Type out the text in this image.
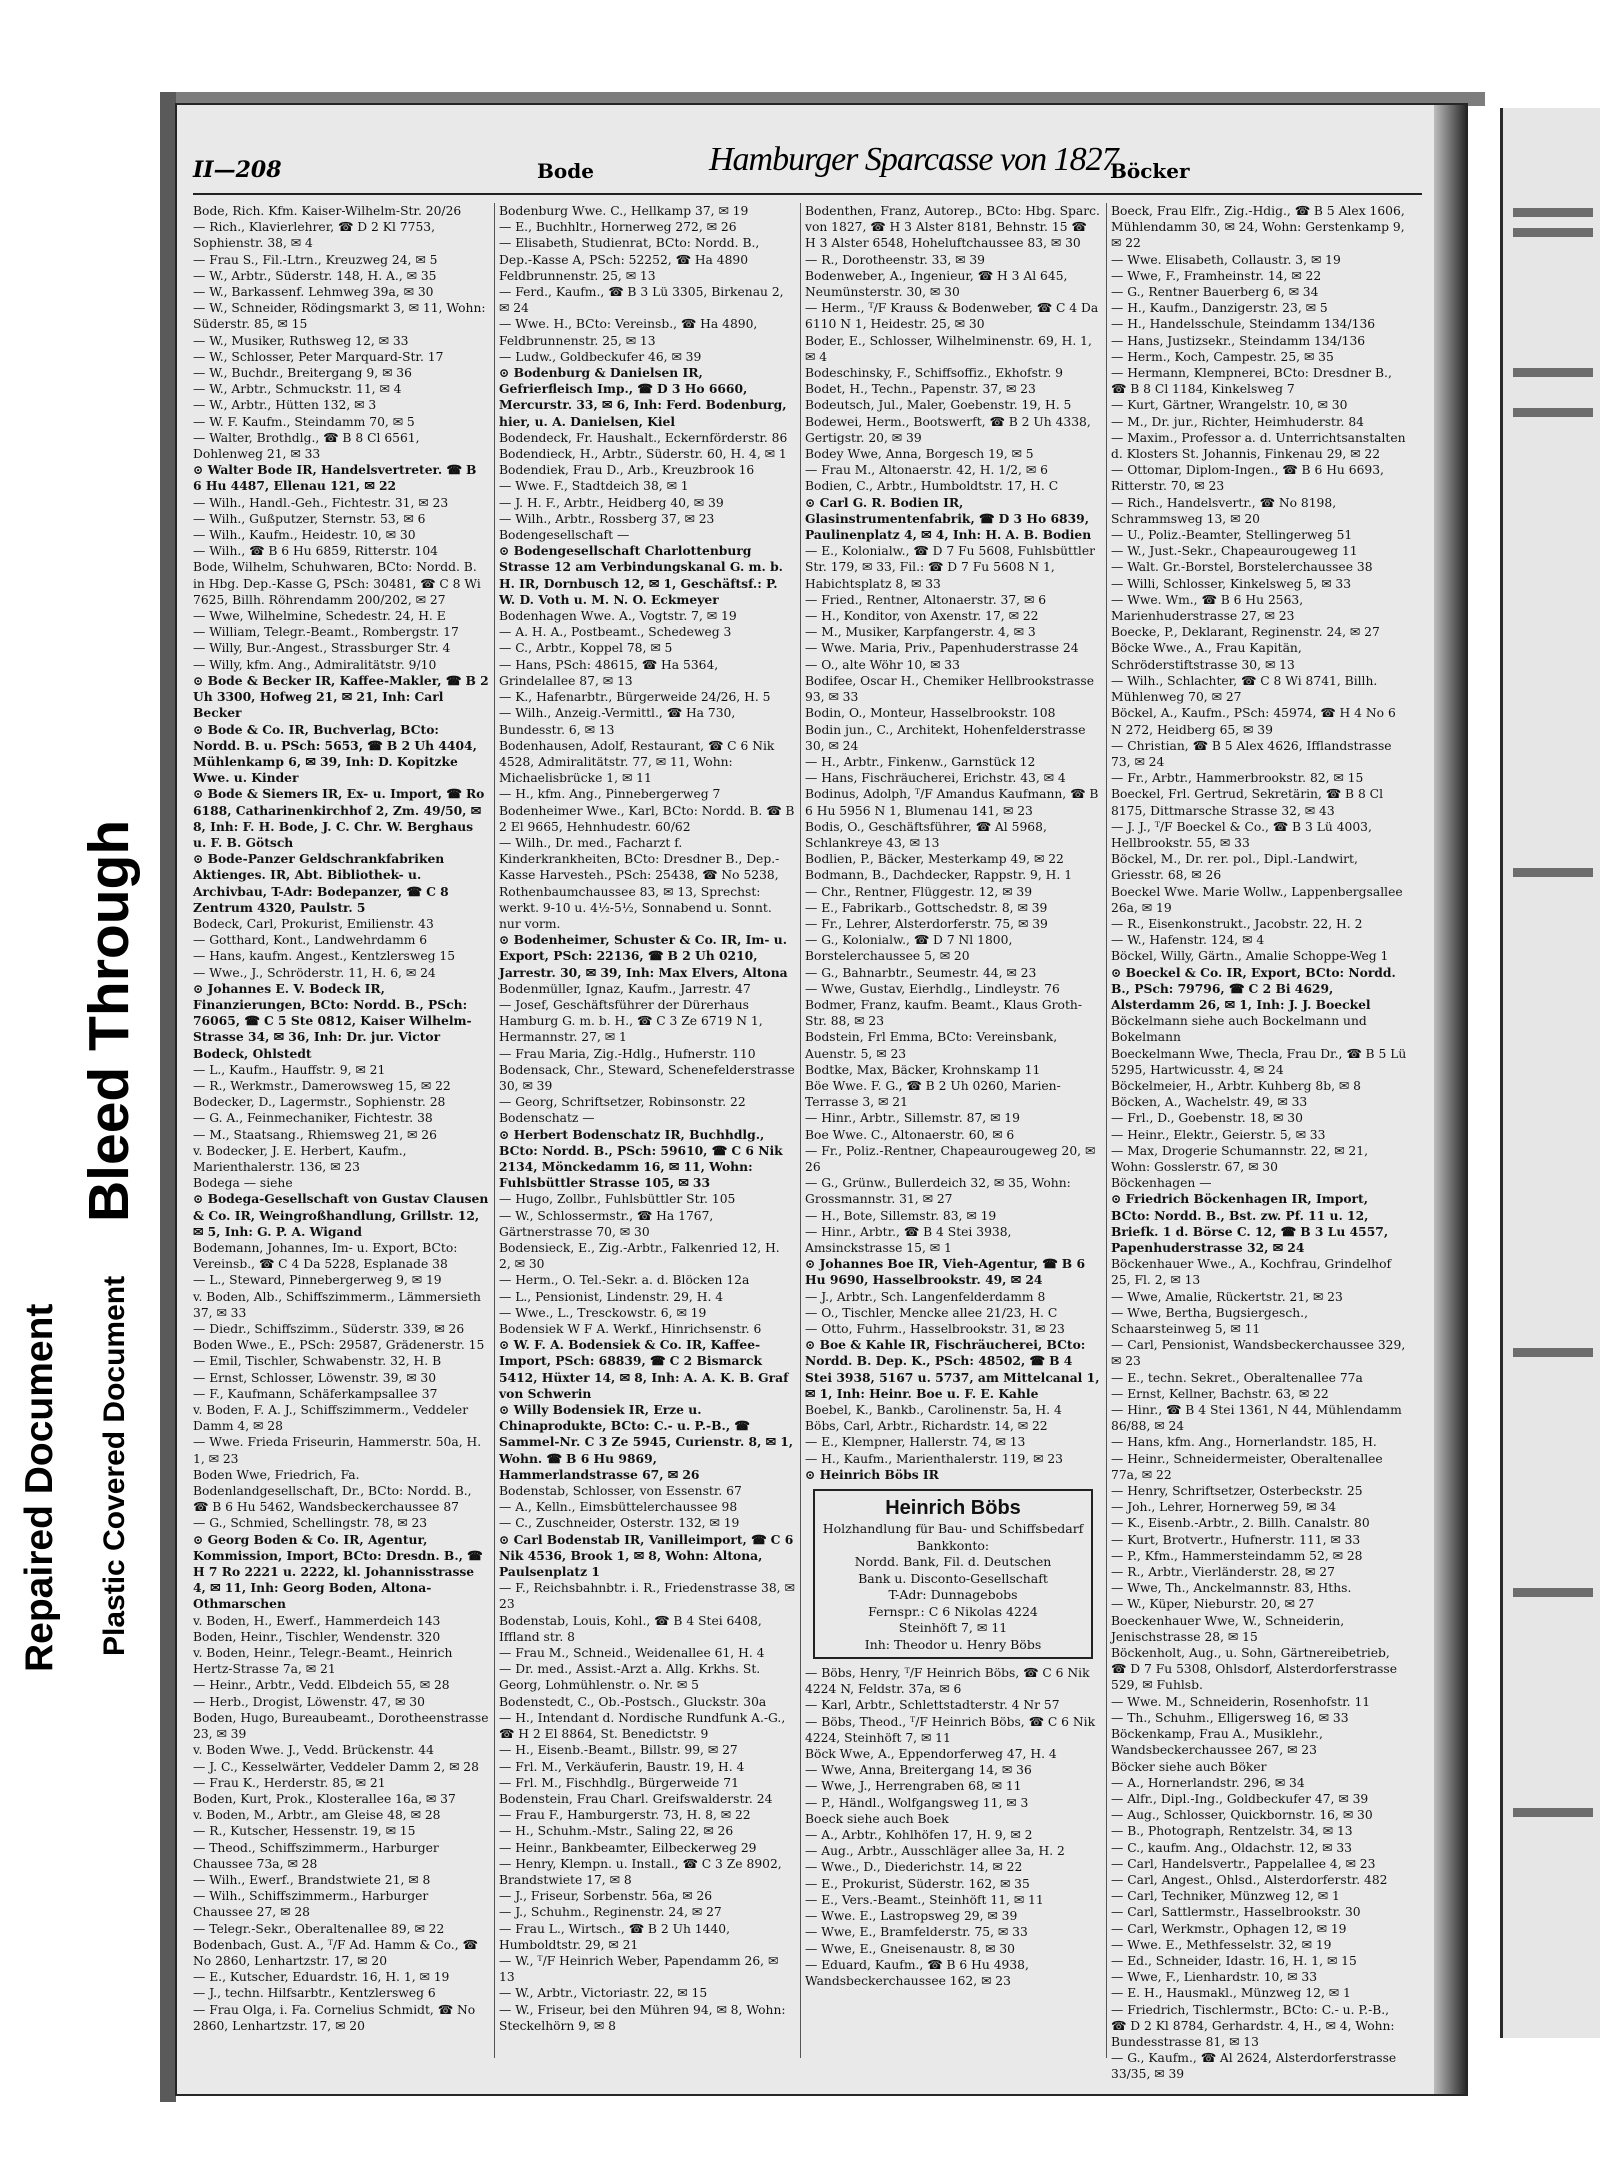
Bleed Through
Repaired Document Plastic Covered Document
II—208	Bode	Hamburger Sparcasse von 1827
Böcker
Bode, Rich. Kfm. Kaiser-Wilhelm-Str. 20/26
— Rich., Klavierlehrer, ☎ D 2 Kl 7753, Sophienstr. 38, ✉ 4
— Frau S., Fil.-Ltrn., Kreuzweg 24, ✉ 5
— W., Arbtr., Süderstr. 148, H. A., ✉ 35
— W., Barkassenf. Lehmweg 39a, ✉ 30
— W., Schneider, Rödingsmarkt 3, ✉ 11, Wohn: Süderstr. 85, ✉ 15
— W., Musiker, Ruthsweg 12, ✉ 33
— W., Schlosser, Peter Marquard-Str. 17
— W., Buchdr., Breitergang 9, ✉ 36
— W., Arbtr., Schmuckstr. 11, ✉ 4
— W., Arbtr., Hütten 132, ✉ 3
— W. F. Kaufm., Steindamm 70, ✉ 5
— Walter, Brothdlg., ☎ B 8 Cl 6561, Dohlenweg 21, ✉ 33
⊙ Walter Bode IR, Handelsvertreter. ☎ B 6 Hu 4487, Ellenau 121, ✉ 22
— Wilh., Handl.-Geh., Fichtestr. 31, ✉ 23
— Wilh., Gußputzer, Sternstr. 53, ✉ 6
— Wilh., Kaufm., Heidestr. 10, ✉ 30
— Wilh., ☎ B 6 Hu 6859, Ritterstr. 104
Bode, Wilhelm, Schuhwaren, BCto: Nordd. B. in Hbg. Dep.-Kasse G, PSch: 30481, ☎ C 8 Wi 7625, Billh. Röhrendamm 200/202, ✉ 27
— Wwe, Wilhelmine, Schedestr. 24, H. E
— William, Telegr.-Beamt., Rombergstr. 17
— Willy, Bur.-Angest., Strassburger Str. 4
— Willy, kfm. Ang., Admiralitätstr. 9/10
⊙ Bode & Becker IR, Kaffee-Makler, ☎ B 2 Uh 3300, Hofweg 21, ✉ 21, Inh: Carl Becker
⊙ Bode & Co. IR, Buchverlag, BCto: Nordd. B. u. PSch: 5653, ☎ B 2 Uh 4404, Mühlenkamp 6, ✉ 39, Inh: D. Kopitzke Wwe. u. Kinder
⊙ Bode & Siemers IR, Ex- u. Import, ☎ Ro 6188, Catharinenkirchhof 2, Zm. 49/50, ✉ 8, Inh: F. H. Bode, J. C. Chr. W. Berghaus u. F. B. Götsch
⊙ Bode-Panzer Geldschrankfabriken Aktienges. IR, Abt. Bibliothek- u. Archivbau, T-Adr: Bodepanzer, ☎ C 8 Zentrum 4320, Paulstr. 5
Bodeck, Carl, Prokurist, Emilienstr. 43
— Gotthard, Kont., Landwehrdamm 6
— Hans, kaufm. Angest., Kentzlersweg 15
— Wwe., J., Schröderstr. 11, H. 6, ✉ 24
⊙ Johannes E. V. Bodeck IR, Finanzierungen, BCto: Nordd. B., PSch: 76065, ☎ C 5 Ste 0812, Kaiser Wilhelm-Strasse 34, ✉ 36, Inh: Dr. jur. Victor Bodeck, Ohlstedt
— L., Kaufm., Hauffstr. 9, ✉ 21
— R., Werkmstr., Damerowsweg 15, ✉ 22
Bodecker, D., Lagermstr., Sophienstr. 28
— G. A., Feinmechaniker, Fichtestr. 38
— M., Staatsang., Rhiemsweg 21, ✉ 26
v. Bodecker, J. E. Herbert, Kaufm., Marienthalerstr. 136, ✉ 23
Bodega — siehe
⊙ Bodega-Gesellschaft von Gustav Clausen & Co. IR, Weingroßhandlung, Grillstr. 12, ✉ 5, Inh: G. P. A. Wigand
Bodemann, Johannes, Im- u. Export, BCto: Vereinsb., ☎ C 4 Da 5228, Esplanade 38
— L., Steward, Pinnebergerweg 9, ✉ 19
v. Boden, Alb., Schiffszimmerm., Lämmersieth 37, ✉ 33
— Diedr., Schiffszimm., Süderstr. 339, ✉ 26
Boden Wwe., E., PSch: 29587, Grädenerstr. 15
— Emil, Tischler, Schwabenstr. 32, H. B
— Ernst, Schlosser, Löwenstr. 39, ✉ 30
— F., Kaufmann, Schäferkampsallee 37
v. Boden, F. A. J., Schiffszimmerm., Veddeler Damm 4, ✉ 28
— Wwe. Frieda Friseurin, Hammerstr. 50a, H. 1, ✉ 23
Boden Wwe, Friedrich, Fa. Bodenlandgesellschaft, Dr., BCto: Nordd. B., ☎ B 6 Hu 5462, Wandsbeckerchaussee 87
— G., Schmied, Schellingstr. 78, ✉ 23
⊙ Georg Boden & Co. IR, Agentur, Kommission, Import, BCto: Dresdn. B., ☎ H 7 Ro 2221 u. 2222, kl. Johannisstrasse 4, ✉ 11, Inh: Georg Boden, Altona-Othmarschen
v. Boden, H., Ewerf., Hammerdeich 143
Boden, Heinr., Tischler, Wendenstr. 320
v. Boden, Heinr., Telegr.-Beamt., Heinrich Hertz-Strasse 7a, ✉ 21
— Heinr., Arbtr., Vedd. Elbdeich 55, ✉ 28
— Herb., Drogist, Löwenstr. 47, ✉ 30
Boden, Hugo, Bureaubeamt., Dorotheenstrasse 23, ✉ 39
v. Boden Wwe. J., Vedd. Brückenstr. 44
— J. C., Kesselwärter, Veddeler Damm 2, ✉ 28
— Frau K., Herderstr. 85, ✉ 21
Boden, Kurt, Prok., Klosterallee 16a, ✉ 37
v. Boden, M., Arbtr., am Gleise 48, ✉ 28
— R., Kutscher, Hessenstr. 19, ✉ 15
— Theod., Schiffszimmerm., Harburger Chaussee 73a, ✉ 28
— Wilh., Ewerf., Brandstwiete 21, ✉ 8
— Wilh., Schiffszimmerm., Harburger Chaussee 27, ✉ 28
— Telegr.-Sekr., Oberaltenallee 89, ✉ 22
Bodenbach, Gust. A., ᵀ/F Ad. Hamm & Co., ☎ No 2860, Lenhartzstr. 17, ✉ 20
— E., Kutscher, Eduardstr. 16, H. 1, ✉ 19
— J., techn. Hilfsarbtr., Kentzlersweg 6
— Frau Olga, i. Fa. Cornelius Schmidt, ☎ No 2860, Lenhartzstr. 17, ✉ 20
Bodenburg Wwe. C., Hellkamp 37, ✉ 19
— E., Buchhltr., Hornerweg 272, ✉ 26
— Elisabeth, Studienrat, BCto: Nordd. B., Dep.-Kasse A, PSch: 52252, ☎ Ha 4890
Feldbrunnenstr. 25, ✉ 13
— Ferd., Kaufm., ☎ B 3 Lü 3305, Birkenau 2, ✉ 24
— Wwe. H., BCto: Vereinsb., ☎ Ha 4890, Feldbrunnenstr. 25, ✉ 13
— Ludw., Goldbeckufer 46, ✉ 39
⊙ Bodenburg & Danielsen IR, Gefrierfleisch Imp., ☎ D 3 Ho 6660, Mercurstr. 33, ✉ 6, Inh: Ferd. Bodenburg, hier, u. A. Danielsen, Kiel
Bodendeck, Fr. Haushalt., Eckernförderstr. 86
Bodendieck, H., Arbtr., Süderstr. 60, H. 4, ✉ 1
Bodendiek, Frau D., Arb., Kreuzbrook 16
— Wwe. F., Stadtdeich 38, ✉ 1
— J. H. F., Arbtr., Heidberg 40, ✉ 39
— Wilh., Arbtr., Rossberg 37, ✉ 23
Bodengesellschaft —
⊙ Bodengesellschaft Charlottenburg Strasse 12 am Verbindungskanal G. m. b. H. IR, Dornbusch 12, ✉ 1, Geschäftsf.: P. W. D. Voth u. M. N. O. Eckmeyer
Bodenhagen Wwe. A., Vogtstr. 7, ✉ 19
— A. H. A., Postbeamt., Schedeweg 3
— C., Arbtr., Koppel 78, ✉ 5
— Hans, PSch: 48615, ☎ Ha 5364, Grindelallee 87, ✉ 13
— K., Hafenarbtr., Bürgerweide 24/26, H. 5
— Wilh., Anzeig.-Vermittl., ☎ Ha 730, Bundesstr. 6, ✉ 13
Bodenhausen, Adolf, Restaurant, ☎ C 6 Nik 4528, Admiralitätstr. 77, ✉ 11, Wohn: Michaelisbrücke 1, ✉ 11
— H., kfm. Ang., Pinnebergerweg 7
Bodenheimer Wwe., Karl, BCto: Nordd. B. ☎ B 2 El 9665, Hehnhudestr. 60/62
— Wilh., Dr. med., Facharzt f. Kinderkrankheiten, BCto: Dresdner B., Dep.-Kasse Harvesteh., PSch: 25438, ☎ No 5238, Rothenbaumchaussee 83, ✉ 13, Sprechst: werkt. 9-10 u. 4½-5½, Sonnabend u. Sonnt. nur vorm.
⊙ Bodenheimer, Schuster & Co. IR, Im- u. Export, PSch: 22136, ☎ B 2 Uh 0210, Jarrestr. 30, ✉ 39, Inh: Max Elvers, Altona
Bodenmüller, Ignaz, Kaufm., Jarrestr. 47
— Josef, Geschäftsführer der Dürerhaus Hamburg G. m. b. H., ☎ C 3 Ze 6719 N 1, Hermannstr. 27, ✉ 1
— Frau Maria, Zig.-Hdlg., Hufnerstr. 110
Bodensack, Chr., Steward, Schenefelderstrasse 30, ✉ 39
— Georg, Schriftsetzer, Robinsonstr. 22
Bodenschatz —
⊙ Herbert Bodenschatz IR, Buchhdlg., BCto: Nordd. B., PSch: 59610, ☎ C 6 Nik 2134, Mönckedamm 16, ✉ 11, Wohn: Fuhlsbüttler Strasse 105, ✉ 33
— Hugo, Zollbr., Fuhlsbüttler Str. 105
— W., Schlossermstr., ☎ Ha 1767, Gärtnerstrasse 70, ✉ 30
Bodensieck, E., Zig.-Arbtr., Falkenried 12, H. 2, ✉ 30
— Herm., O. Tel.-Sekr. a. d. Blöcken 12a
— L., Pensionist, Lindenstr. 29, H. 4
— Wwe., L., Tresckowstr. 6, ✉ 19
Bodensiek W F A. Werkf., Hinrichsenstr. 6
⊙ W. F. A. Bodensiek & Co. IR, Kaffee-Import, PSch: 68839, ☎ C 2 Bismarck 5412, Hüxter 14, ✉ 8, Inh: A. A. K. B. Graf von Schwerin
⊙ Willy Bodensiek IR, Erze u. Chinaprodukte, BCto: C.- u. P.-B., ☎ Sammel-Nr. C 3 Ze 5945, Curienstr. 8, ✉ 1, Wohn. ☎ B 6 Hu 9869, Hammerlandstrasse 67, ✉ 26
Bodenstab, Schlosser, von Essenstr. 67
— A., Kelln., Eimsbüttelerchaussee 98
— C., Zuschneider, Osterstr. 132, ✉ 19
⊙ Carl Bodenstab IR, Vanilleimport, ☎ C 6 Nik 4536, Brook 1, ✉ 8, Wohn: Altona, Paulsenplatz 1
— F., Reichsbahnbtr. i. R., Friedenstrasse 38, ✉ 23
Bodenstab, Louis, Kohl., ☎ B 4 Stei 6408, Iffland str. 8
— Frau M., Schneid., Weidenallee 61, H. 4
— Dr. med., Assist.-Arzt a. Allg. Krkhs. St. Georg, Lohmühlenstr. o. Nr. ✉ 5
Bodenstedt, C., Ob.-Postsch., Gluckstr. 30a
— H., Intendant d. Nordische Rundfunk A.-G., ☎ H 2 El 8864, St. Benedictstr. 9
— H., Eisenb.-Beamt., Billstr. 99, ✉ 27
— Frl. M., Verkäuferin, Baustr. 19, H. 4
— Frl. M., Fischhdlg., Bürgerweide 71
Bodenstein, Frau Charl. Greifswalderstr. 24
— Frau F., Hamburgerstr. 73, H. 8, ✉ 22
— H., Schuhm.-Mstr., Saling 22, ✉ 26
— Heinr., Bankbeamter, Eilbeckerweg 29
— Henry, Klempn. u. Install., ☎ C 3 Ze 8902, Brandstwiete 17, ✉ 8
— J., Friseur, Sorbenstr. 56a, ✉ 26
— J., Schuhm., Reginenstr. 24, ✉ 27
— Frau L., Wirtsch., ☎ B 2 Uh 1440, Humboldtstr. 29, ✉ 21
— W., ᵀ/F Heinrich Weber, Papendamm 26, ✉ 13
— W., Arbtr., Victoriastr. 22, ✉ 15
— W., Friseur, bei den Mühren 94, ✉ 8, Wohn: Steckelhörn 9, ✉ 8
Bodenthen, Franz, Autorep., BCto: Hbg. Sparc. von 1827, ☎ H 3 Alster 8181, Behnstr. 15 ☎ H 3 Alster 6548, Hoheluftchaussee 83, ✉ 30
— R., Dorotheenstr. 33, ✉ 39
Bodenweber, A., Ingenieur, ☎ H 3 Al 645, Neumünsterstr. 30, ✉ 30
— Herm., ᵀ/F Krauss & Bodenweber, ☎ C 4 Da 6110 N 1, Heidestr. 25, ✉ 30
Boder, E., Schlosser, Wilhelminenstr. 69, H. 1, ✉ 4
Bodeschinsky, F., Schiffsoffiz., Ekhofstr. 9
Bodet, H., Techn., Papenstr. 37, ✉ 23
Bodeutsch, Jul., Maler, Goebenstr. 19, H. 5
Bodewei, Herm., Bootswerft, ☎ B 2 Uh 4338, Gertigstr. 20, ✉ 39
Bodey Wwe, Anna, Borgesch 19, ✉ 5
— Frau M., Altonaerstr. 42, H. 1/2, ✉ 6
Bodien, C., Arbtr., Humboldtstr. 17, H. C
⊙ Carl G. R. Bodien IR, Glasinstrumentenfabrik, ☎ D 3 Ho 6839, Paulinenplatz 4, ✉ 4, Inh: H. A. B. Bodien
— E., Kolonialw., ☎ D 7 Fu 5608, Fuhlsbüttler Str. 179, ✉ 33, Fil.: ☎ D 7 Fu 5608 N 1, Habichtsplatz 8, ✉ 33
— Fried., Rentner, Altonaerstr. 37, ✉ 6
— H., Konditor, von Axenstr. 17, ✉ 22
— M., Musiker, Karpfangerstr. 4, ✉ 3
— Wwe. Maria, Priv., Papenhuderstrasse 24
— O., alte Wöhr 10, ✉ 33
Bodifee, Oscar H., Chemiker Hellbrookstrasse 93, ✉ 33
Bodin, O., Monteur, Hasselbrookstr. 108
Bodin jun., C., Architekt, Hohenfelderstrasse 30, ✉ 24
— H., Arbtr., Finkenw., Garnstück 12
— Hans, Fischräucherei, Erichstr. 43, ✉ 4
Bodinus, Adolph, ᵀ/F Amandus Kaufmann, ☎ B 6 Hu 5956 N 1, Blumenau 141, ✉ 23
Bodis, O., Geschäftsführer, ☎ Al 5968, Schlankreye 43, ✉ 13
Bodlien, P., Bäcker, Mesterkamp 49, ✉ 22
Bodmann, B., Dachdecker, Rappstr. 9, H. 1
— Chr., Rentner, Flüggestr. 12, ✉ 39
— E., Fabrikarb., Gottschedstr. 8, ✉ 39
— Fr., Lehrer, Alsterdorferstr. 75, ✉ 39
— G., Kolonialw., ☎ D 7 Nl 1800, Borstelerchaussee 5, ✉ 20
— G., Bahnarbtr., Seumestr. 44, ✉ 23
— Wwe, Gustav, Eierhdlg., Lindleystr. 76
Bodmer, Franz, kaufm. Beamt., Klaus Groth-Str. 88, ✉ 23
Bodstein, Frl Emma, BCto: Vereinsbank, Auenstr. 5, ✉ 23
Bodtke, Max, Bäcker, Krohnskamp 11
Böe Wwe. F. G., ☎ B 2 Uh 0260, Marien-Terrasse 3, ✉ 21
— Hinr., Arbtr., Sillemstr. 87, ✉ 19
Boe Wwe. C., Altonaerstr. 60, ✉ 6
— Fr., Poliz.-Rentner, Chapeaurougeweg 20, ✉ 26
— G., Grünw., Bullerdeich 32, ✉ 35, Wohn: Grossmannstr. 31, ✉ 27
— H., Bote, Sillemstr. 83, ✉ 19
— Hinr., Arbtr., ☎ B 4 Stei 3938, Amsinckstrasse 15, ✉ 1
⊙ Johannes Boe IR, Vieh-Agentur, ☎ B 6 Hu 9690, Hasselbrookstr. 49, ✉ 24
— J., Arbtr., Sch. Langenfelderdamm 8
— O., Tischler, Mencke allee 21/23, H. C
— Otto, Fuhrm., Hasselbrookstr. 31, ✉ 23
⊙ Boe & Kahle IR, Fischräucherei, BCto: Nordd. B. Dep. K., PSch: 48502, ☎ B 4 Stei 3938, 5167 u. 5737, am Mittelcanal 1, ✉ 1, Inh: Heinr. Boe u. F. E. Kahle
Boebel, K., Bankb., Carolinenstr. 5a, H. 4
Böbs, Carl, Arbtr., Richardstr. 14, ✉ 22
— E., Klempner, Hallerstr. 74, ✉ 13
— H., Kaufm., Marienthalerstr. 119, ✉ 23
⊙ Heinrich Böbs IR
Heinrich Böbs
Holzhandlung für Bau- und Schiffsbedarf
Bankkonto:
Nordd. Bank, Fil. d. Deutschen
Bank u. Disconto-Gesellschaft
T-Adr: Dunnagebobs
Fernspr.: C 6 Nikolas 4224
Steinhöft 7, ✉ 11
Inh: Theodor u. Henry Böbs
— Böbs, Henry, ᵀ/F Heinrich Böbs, ☎ C 6 Nik 4224 N, Feldstr. 37a, ✉ 6
— Karl, Arbtr., Schlettstadterstr. 4 Nr 57
— Böbs, Theod., ᵀ/F Heinrich Böbs, ☎ C 6 Nik 4224, Steinhöft 7, ✉ 11
Böck Wwe, A., Eppendorferweg 47, H. 4
— Wwe, Anna, Breitergang 14, ✉ 36
— Wwe, J., Herrengraben 68, ✉ 11
— P., Händl., Wolfgangsweg 11, ✉ 3
Boeck siehe auch Boek
— A., Arbtr., Kohlhöfen 17, H. 9, ✉ 2
— Aug., Arbtr., Ausschläger allee 3a, H. 2
— Wwe., D., Diederichstr. 14, ✉ 22
— E., Prokurist, Süderstr. 162, ✉ 35
— E., Vers.-Beamt., Steinhöft 11, ✉ 11
— Wwe. E., Lastropsweg 29, ✉ 39
— Wwe, E., Bramfelderstr. 75, ✉ 33
— Wwe, E., Gneisenaustr. 8, ✉ 30
— Eduard, Kaufm., ☎ B 6 Hu 4938, Wandsbeckerchaussee 162, ✉ 23
Boeck, Frau Elfr., Zig.-Hdig., ☎ B 5 Alex 1606, Mühlendamm 30, ✉ 24, Wohn: Gerstenkamp 9, ✉ 22
— Wwe. Elisabeth, Collaustr. 3, ✉ 19
— Wwe, F., Framheinstr. 14, ✉ 22
— G., Rentner Bauerberg 6, ✉ 34
— H., Kaufm., Danzigerstr. 23, ✉ 5
— H., Handelsschule, Steindamm 134/136
— Hans, Justizsekr., Steindamm 134/136
— Herm., Koch, Campestr. 25, ✉ 35
— Hermann, Klempnerei, BCto: Dresdner B., ☎ B 8 Cl 1184, Kinkelsweg 7
— Kurt, Gärtner, Wrangelstr. 10, ✉ 30
— M., Dr. jur., Richter, Heimhuderstr. 84
— Maxim., Professor a. d. Unterrichtsanstalten d. Klosters St. Johannis, Finkenau 29, ✉ 22
— Ottomar, Diplom-Ingen., ☎ B 6 Hu 6693, Ritterstr. 70, ✉ 23
— Rich., Handelsvertr., ☎ No 8198, Schrammsweg 13, ✉ 20
— U., Poliz.-Beamter, Stellingerweg 51
— W., Just.-Sekr., Chapeaurougeweg 11
— Walt. Gr.-Borstel, Borstelerchaussee 38
— Willi, Schlosser, Kinkelsweg 5, ✉ 33
— Wwe. Wm., ☎ B 6 Hu 2563, Marienhuderstrasse 27, ✉ 23
Boecke, P., Deklarant, Reginenstr. 24, ✉ 27
Böcke Wwe., A., Frau Kapitän, Schröderstiftstrasse 30, ✉ 13
— Wilh., Schlachter, ☎ C 8 Wi 8741, Billh. Mühlenweg 70, ✉ 27
Böckel, A., Kaufm., PSch: 45974, ☎ H 4 No 6 N 272, Heidberg 65, ✉ 39
— Christian, ☎ B 5 Alex 4626, Ifflandstrasse 73, ✉ 24
— Fr., Arbtr., Hammerbrookstr. 82, ✉ 15
Boeckel, Frl. Gertrud, Sekretärin, ☎ B 8 Cl 8175, Dittmarsche Strasse 32, ✉ 43
— J. J., ᵀ/F Boeckel & Co., ☎ B 3 Lü 4003, Hellbrookstr. 55, ✉ 33
Böckel, M., Dr. rer. pol., Dipl.-Landwirt, Griesstr. 68, ✉ 26
Boeckel Wwe. Marie Wollw., Lappenbergsallee 26a, ✉ 19
— R., Eisenkonstrukt., Jacobstr. 22, H. 2
— W., Hafenstr. 124, ✉ 4
Böckel, Willy, Gärtn., Amalie Schoppe-Weg 1
⊙ Boeckel & Co. IR, Export, BCto: Nordd. B., PSch: 79796, ☎ C 2 Bi 4629, Alsterdamm 26, ✉ 1, Inh: J. J. Boeckel
Böckelmann siehe auch Bockelmann und Bokelmann
Boeckelmann Wwe, Thecla, Frau Dr., ☎ B 5 Lü 5295, Hartwicusstr. 4, ✉ 24
Böckelmeier, H., Arbtr. Kuhberg 8b, ✉ 8
Böcken, A., Wachelstr. 49, ✉ 33
— Frl., D., Goebenstr. 18, ✉ 30
— Heinr., Elektr., Geierstr. 5, ✉ 33
— Max, Drogerie Schumannstr. 22, ✉ 21, Wohn: Gosslerstr. 67, ✉ 30
Böckenhagen —
⊙ Friedrich Böckenhagen IR, Import, BCto: Nordd. B., Bst. zw. Pf. 11 u. 12, Briefk. 1 d. Börse C. 12, ☎ B 3 Lu 4557, Papenhuderstrasse 32, ✉ 24
Böckenhauer Wwe., A., Kochfrau, Grindelhof 25, Fl. 2, ✉ 13
— Wwe, Amalie, Rückertstr. 21, ✉ 23
— Wwe, Bertha, Bugsiergesch., Schaarsteinweg 5, ✉ 11
— Carl, Pensionist, Wandsbeckerchaussee 329, ✉ 23
— E., techn. Sekret., Oberaltenallee 77a
— Ernst, Kellner, Bachstr. 63, ✉ 22
— Hinr., ☎ B 4 Stei 1361, N 44, Mühlendamm 86/88, ✉ 24
— Hans, kfm. Ang., Hornerlandstr. 185, H.
— Heinr., Schneidermeister, Oberaltenallee 77a, ✉ 22
— Henry, Schriftsetzer, Osterbeckstr. 25
— Joh., Lehrer, Hornerweg 59, ✉ 34
— K., Eisenb.-Arbtr., 2. Billh. Canalstr. 80
— Kurt, Brotvertr., Hufnerstr. 111, ✉ 33
— P., Kfm., Hammersteindamm 52, ✉ 28
— R., Arbtr., Vierländerstr. 28, ✉ 27
— Wwe, Th., Anckelmannstr. 83, Hths.
— W., Küper, Nieburstr. 20, ✉ 27
Boeckenhauer Wwe, W., Schneiderin, Jenischstrasse 28, ✉ 15
Böckenholt, Aug., u. Sohn, Gärtnereibetrieb, ☎ D 7 Fu 5308, Ohlsdorf, Alsterdorferstrasse 529, ✉ Fuhlsb.
— Wwe. M., Schneiderin, Rosenhofstr. 11
— Th., Schuhm., Elligersweg 16, ✉ 33
Böckenkamp, Frau A., Musiklehr., Wandsbeckerchaussee 267, ✉ 23
Böcker siehe auch Böker
— A., Hornerlandstr. 296, ✉ 34
— Alfr., Dipl.-Ing., Goldbeckufer 47, ✉ 39
— Aug., Schlosser, Quickbornstr. 16, ✉ 30
— B., Photograph, Rentzelstr. 34, ✉ 13
— C., kaufm. Ang., Oldachstr. 12, ✉ 33
— Carl, Handelsvertr., Pappelallee 4, ✉ 23
— Carl, Angest., Ohlsd., Alsterdorferstr. 482
— Carl, Techniker, Münzweg 12, ✉ 1
— Carl, Sattlermstr., Hasselbrookstr. 30
— Carl, Werkmstr., Ophagen 12, ✉ 19
— Wwe. E., Methfesselstr. 32, ✉ 19
— Ed., Schneider, Idastr. 16, H. 1, ✉ 15
— Wwe, F., Lienhardstr. 10, ✉ 33
— E. H., Hausmakl., Münzweg 12, ✉ 1
— Friedrich, Tischlermstr., BCto: C.- u. P.-B., ☎ D 2 Kl 8784, Gerhardstr. 4, H., ✉ 4, Wohn: Bundesstrasse 81, ✉ 13
— G., Kaufm., ☎ Al 2624, Alsterdorferstrasse 33/35, ✉ 39
